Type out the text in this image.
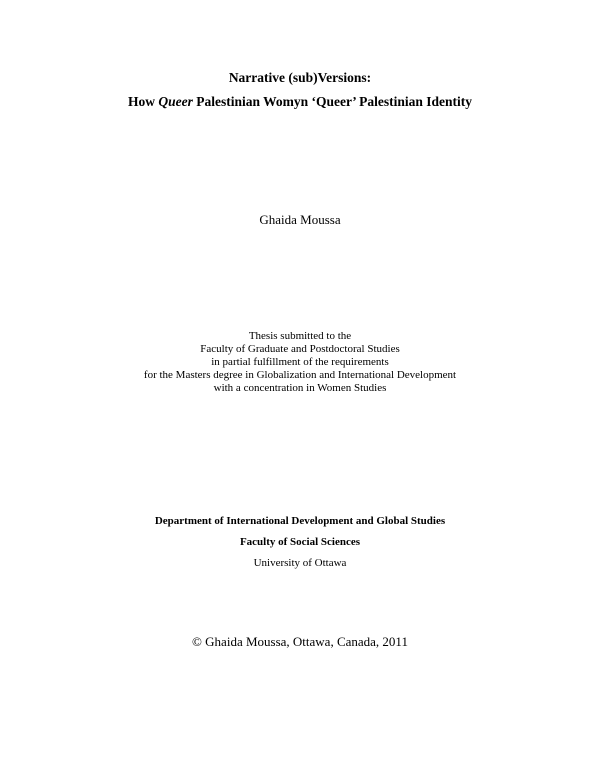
Narrative (sub)Versions:
How Queer Palestinian Womyn ‘Queer’ Palestinian Identity
Ghaida Moussa
Thesis submitted to the
Faculty of Graduate and Postdoctoral Studies
in partial fulfillment of the requirements
for the Masters degree in Globalization and International Development
with a concentration in Women Studies
Department of International Development and Global Studies
Faculty of Social Sciences
University of Ottawa
© Ghaida Moussa, Ottawa, Canada, 2011
